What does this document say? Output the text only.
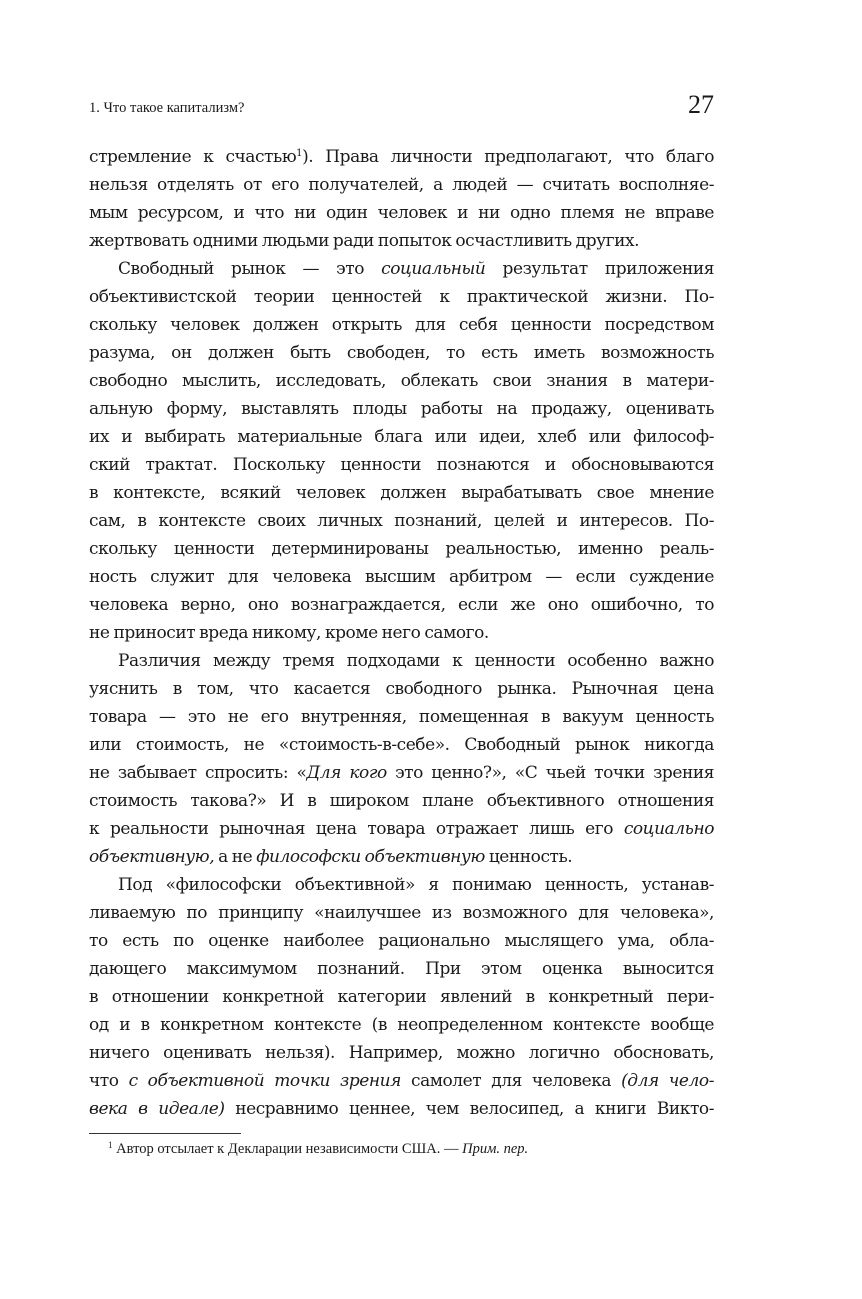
1. Что такое капитализм?	27
стремление к счастью$^1$). Права личности предполагают, что благо
нельзя отделять от его получателей, а людей — считать восполняе-
мым ресурсом, и что ни один человек и ни одно племя не вправе
жертвовать одними людьми ради попыток осчастливить других.
Свободный рынок — это социальный результат приложения
объективистской теории ценностей к практической жизни. По-
скольку человек должен открыть для себя ценности посредством
разума, он должен быть свободен, то есть иметь возможность
свободно мыслить, исследовать, облекать свои знания в матери-
альную форму, выставлять плоды работы на продажу, оценивать
их и выбирать материальные блага или идеи, хлеб или философ-
ский трактат. Поскольку ценности познаются и обосновываются
в контексте, всякий человек должен вырабатывать свое мнение
сам, в контексте своих личных познаний, целей и интересов. По-
скольку ценности детерминированы реальностью, именно реаль-
ность служит для человека высшим арбитром — если суждение
человека верно, оно вознаграждается, если же оно ошибочно, то
не приносит вреда никому, кроме него самого.
Различия между тремя подходами к ценности особенно важно
уяснить в том, что касается свободного рынка. Рыночная цена
товара — это не его внутренняя, помещенная в вакуум ценность
или стоимость, не «стоимость-в-себе». Свободный рынок никогда
не забывает спросить: «Для кого это ценно?», «С чьей точки зрения
стоимость такова?» И в широком плане объективного отношения
к реальности рыночная цена товара отражает лишь его социально
объективную, а не философски объективную ценность.
Под «философски объективной» я понимаю ценность, устанав-
ливаемую по принципу «наилучшее из возможного для человека»,
то есть по оценке наиболее рационально мыслящего ума, обла-
дающего максимумом познаний. При этом оценка выносится
в отношении конкретной категории явлений в конкретный пери-
од и в конкретном контексте (в неопределенном контексте вообще
ничего оценивать нельзя). Например, можно логично обосновать,
что с объективной точки зрения самолет для человека (для чело-
века в идеале) несравнимо ценнее, чем велосипед, а книги Викто-
$^1$ Автор отсылает к Декларации независимости США. — Прим. пер.
